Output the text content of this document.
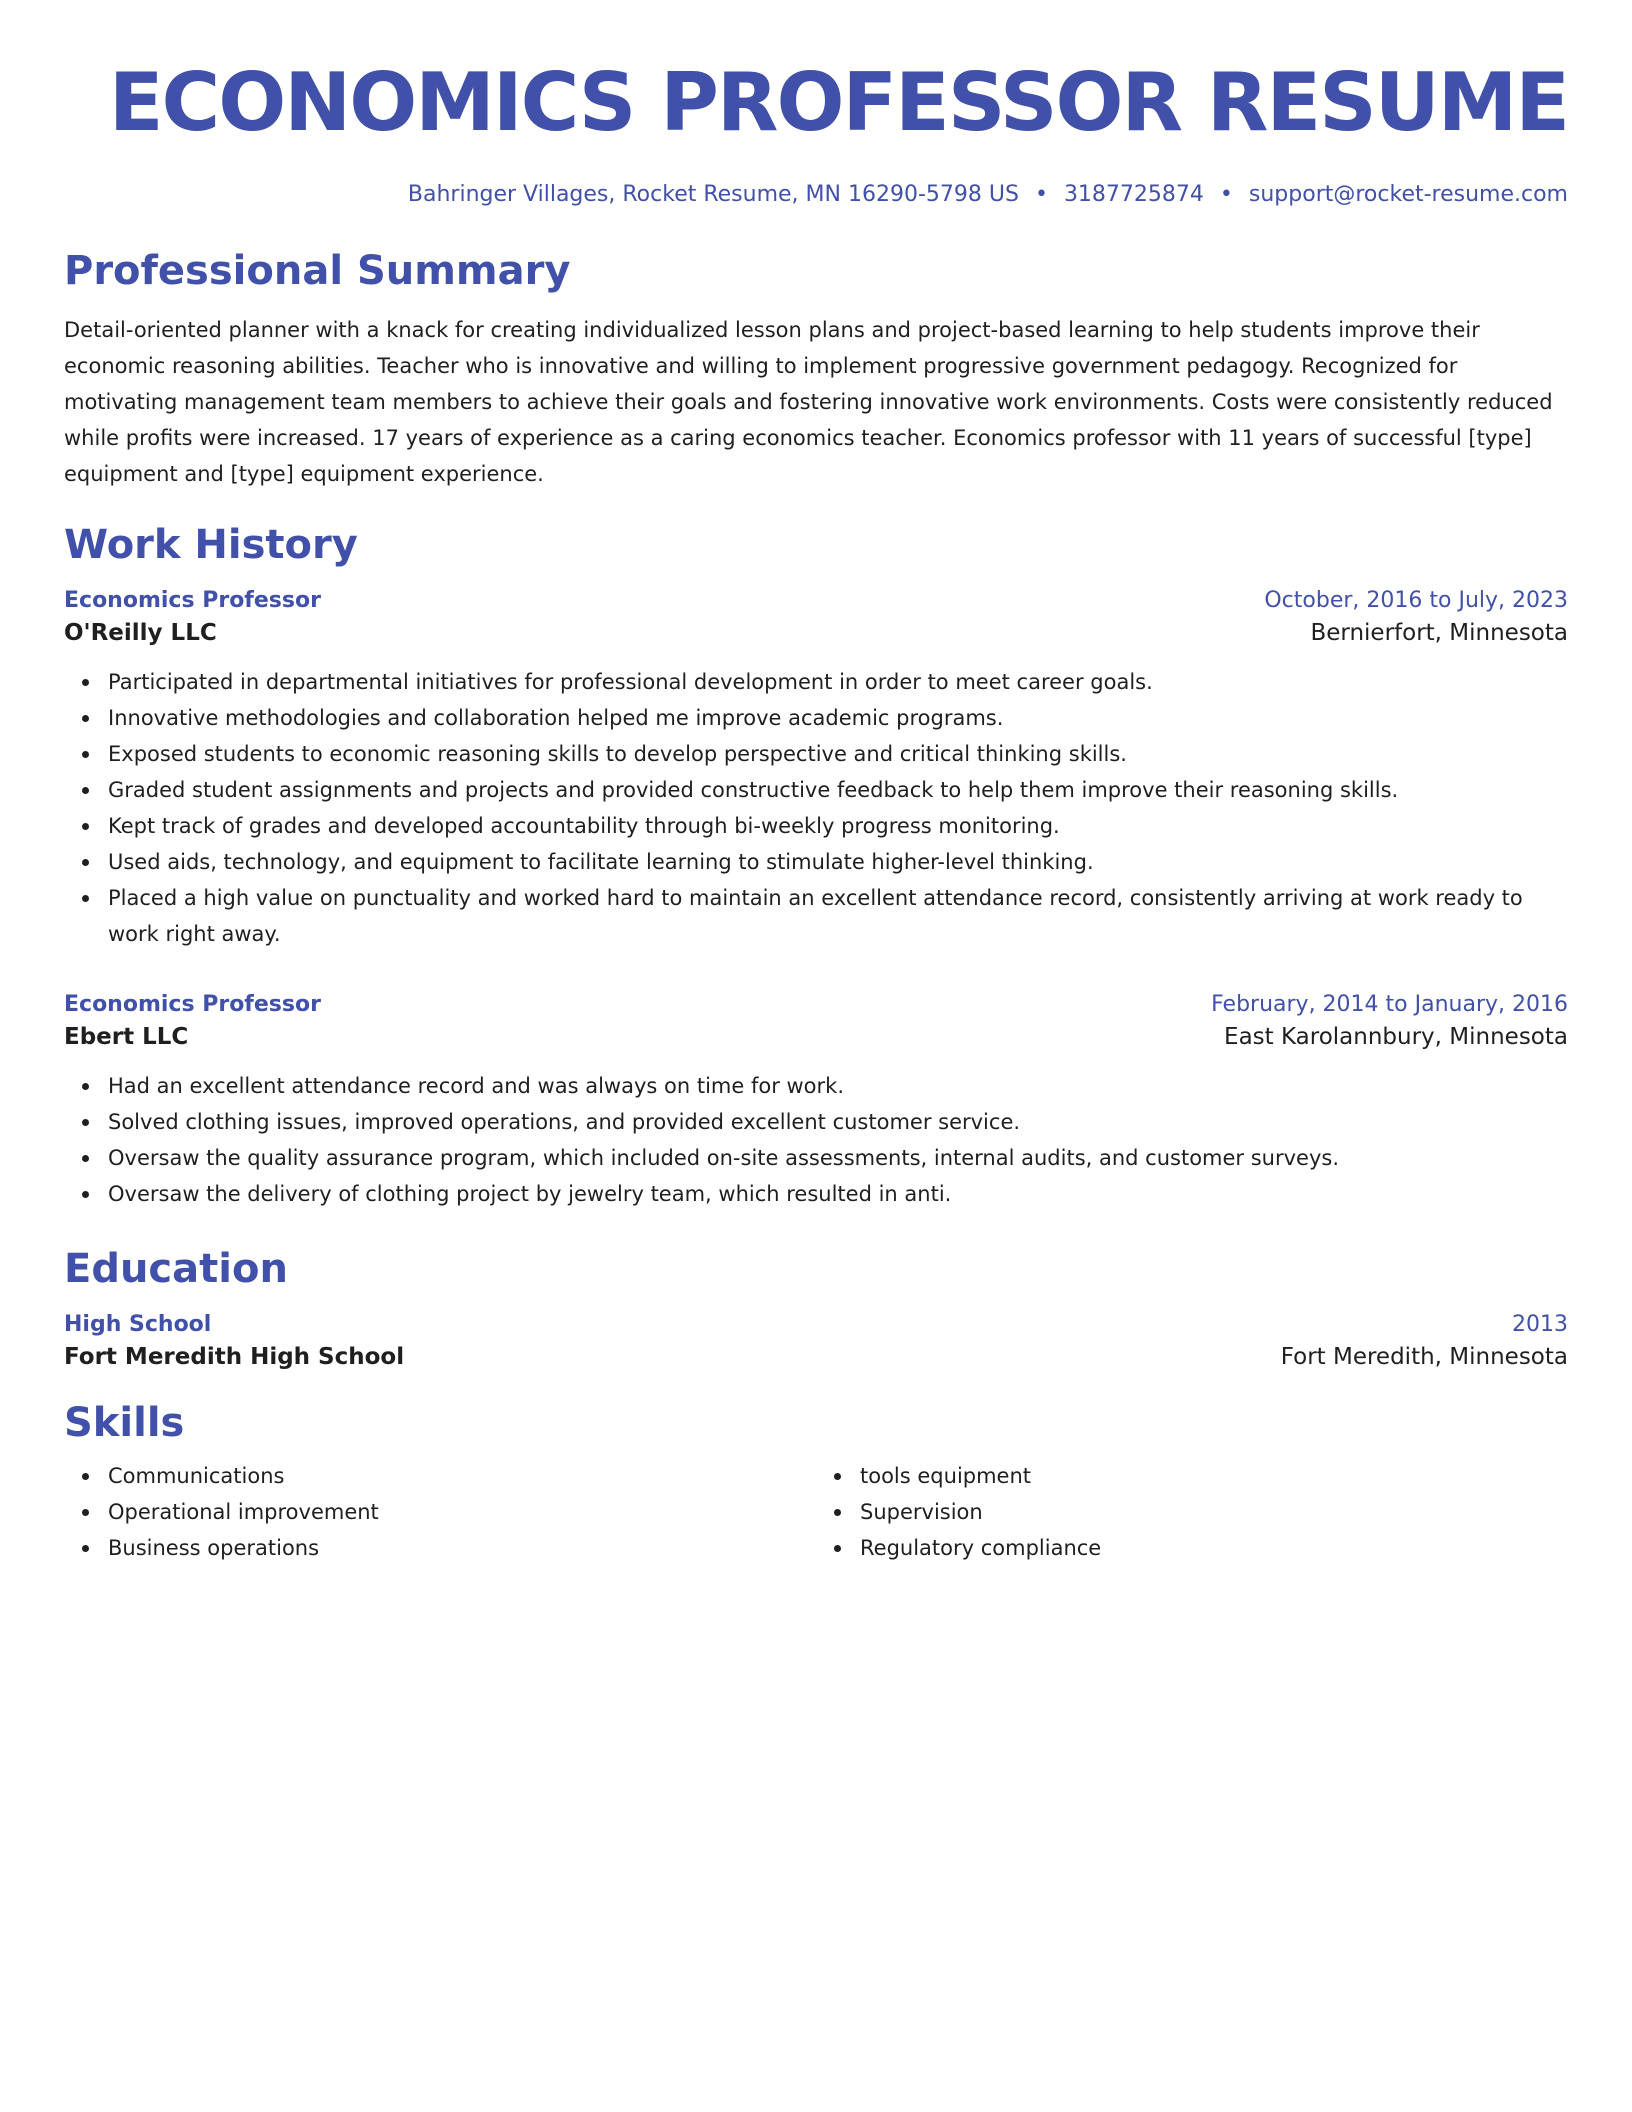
ECONOMICS PROFESSOR RESUME
Bahringer Villages, Rocket Resume, MN 16290-5798 US • 3187725874 • support@rocket-resume.com
Professional Summary
Detail-oriented planner with a knack for creating individualized lesson plans and project-based learning to help students improve their economic reasoning abilities. Teacher who is innovative and willing to implement progressive government pedagogy. Recognized for motivating management team members to achieve their goals and fostering innovative work environments. Costs were consistently reduced while profits were increased. 17 years of experience as a caring economics teacher. Economics professor with 11 years of successful [type] equipment and [type] equipment experience.
Work History
Economics Professor	October, 2016 to July, 2023
O'Reilly LLC	Bernierfort, Minnesota
Participated in departmental initiatives for professional development in order to meet career goals.
Innovative methodologies and collaboration helped me improve academic programs.
Exposed students to economic reasoning skills to develop perspective and critical thinking skills.
Graded student assignments and projects and provided constructive feedback to help them improve their reasoning skills.
Kept track of grades and developed accountability through bi-weekly progress monitoring.
Used aids, technology, and equipment to facilitate learning to stimulate higher-level thinking.
Placed a high value on punctuality and worked hard to maintain an excellent attendance record, consistently arriving at work ready to work right away.
Economics Professor	February, 2014 to January, 2016
Ebert LLC	East Karolannbury, Minnesota
Had an excellent attendance record and was always on time for work.
Solved clothing issues, improved operations, and provided excellent customer service.
Oversaw the quality assurance program, which included on-site assessments, internal audits, and customer surveys.
Oversaw the delivery of clothing project by jewelry team, which resulted in anti.
Education
High School	2013
Fort Meredith High School	Fort Meredith, Minnesota
Skills
Communications
Operational improvement
Business operations
tools equipment
Supervision
Regulatory compliance
